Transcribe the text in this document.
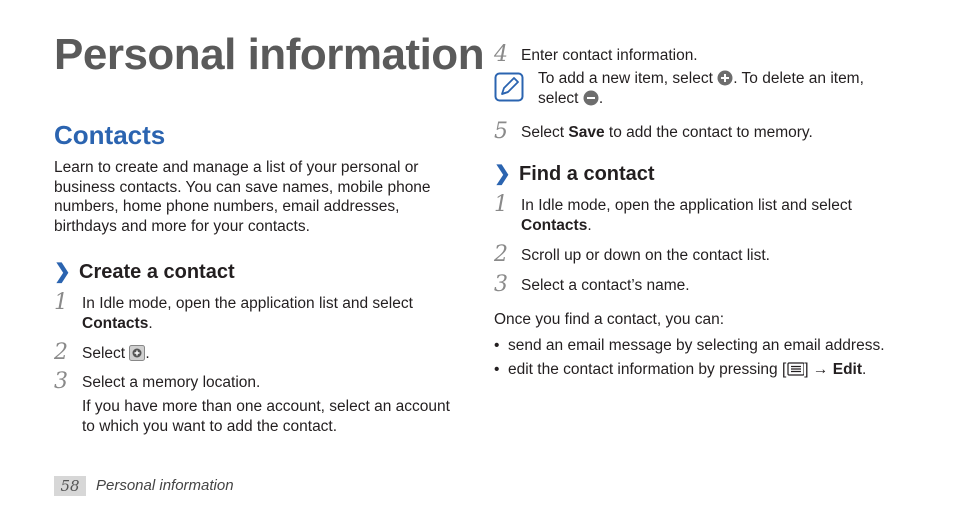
Personal information
Contacts
Learn to create and manage a list of your personal or business contacts. You can save names, mobile phone numbers, home phone numbers, email addresses, birthdays and more for your contacts.
❯ Create a contact
1 In Idle mode, open the application list and select
Contacts.
2 Select .
3 Select a memory location.
If you have more than one account, select an account to which you want to add the contact.
4 Enter contact information.
To add a new item, select . To delete an item,
select .
5 Select Save to add the contact to memory.
❯ Find a contact
1 In Idle mode, open the application list and select
Contacts.
2 Scroll up or down on the contact list.
3 Select a contact’s name.
Once you find a contact, you can:
• send an email message by selecting an email address.
• edit the contact information by pressing [ ] → Edit.
58	Personal information
